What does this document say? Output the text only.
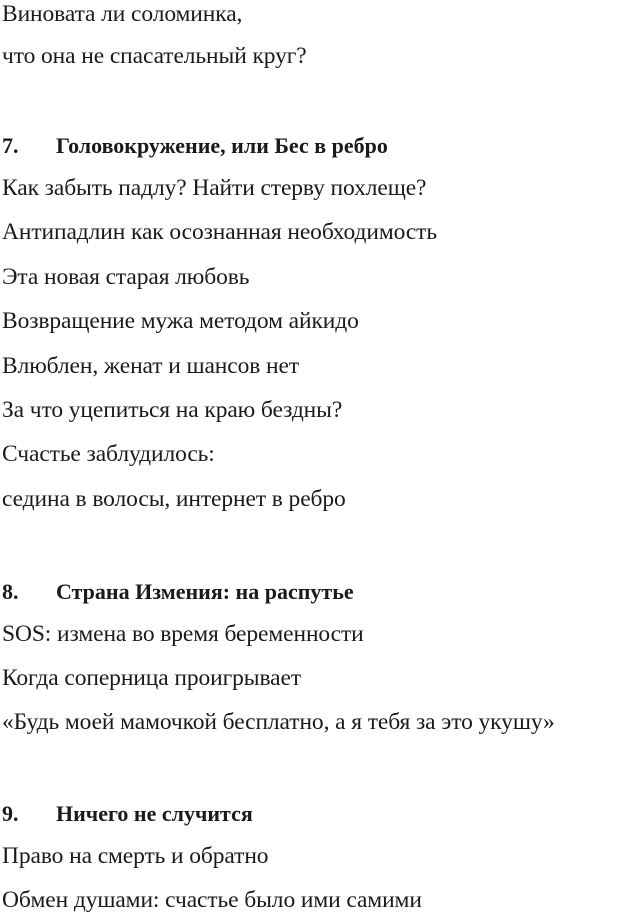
Виновата ли соломинка,
что она не спасательный круг?
7. Головокружение, или Бес в ребро
Как забыть падлу? Найти стерву похлеще?
Антипадлин как осознанная необходимость
Эта новая старая любовь
Возвращение мужа методом айкидо
Влюблен, женат и шансов нет
За что уцепиться на краю бездны?
Счастье заблудилось:
седина в волосы, интернет в ребро
8. Страна Измения: на распутье
SOS: измена во время беременности
Когда соперница проигрывает
«Будь моей мамочкой бесплатно, а я тебя за это укушу»
9. Ничего не случится
Право на смерть и обратно
Обмен душами: счастье было ими самими
